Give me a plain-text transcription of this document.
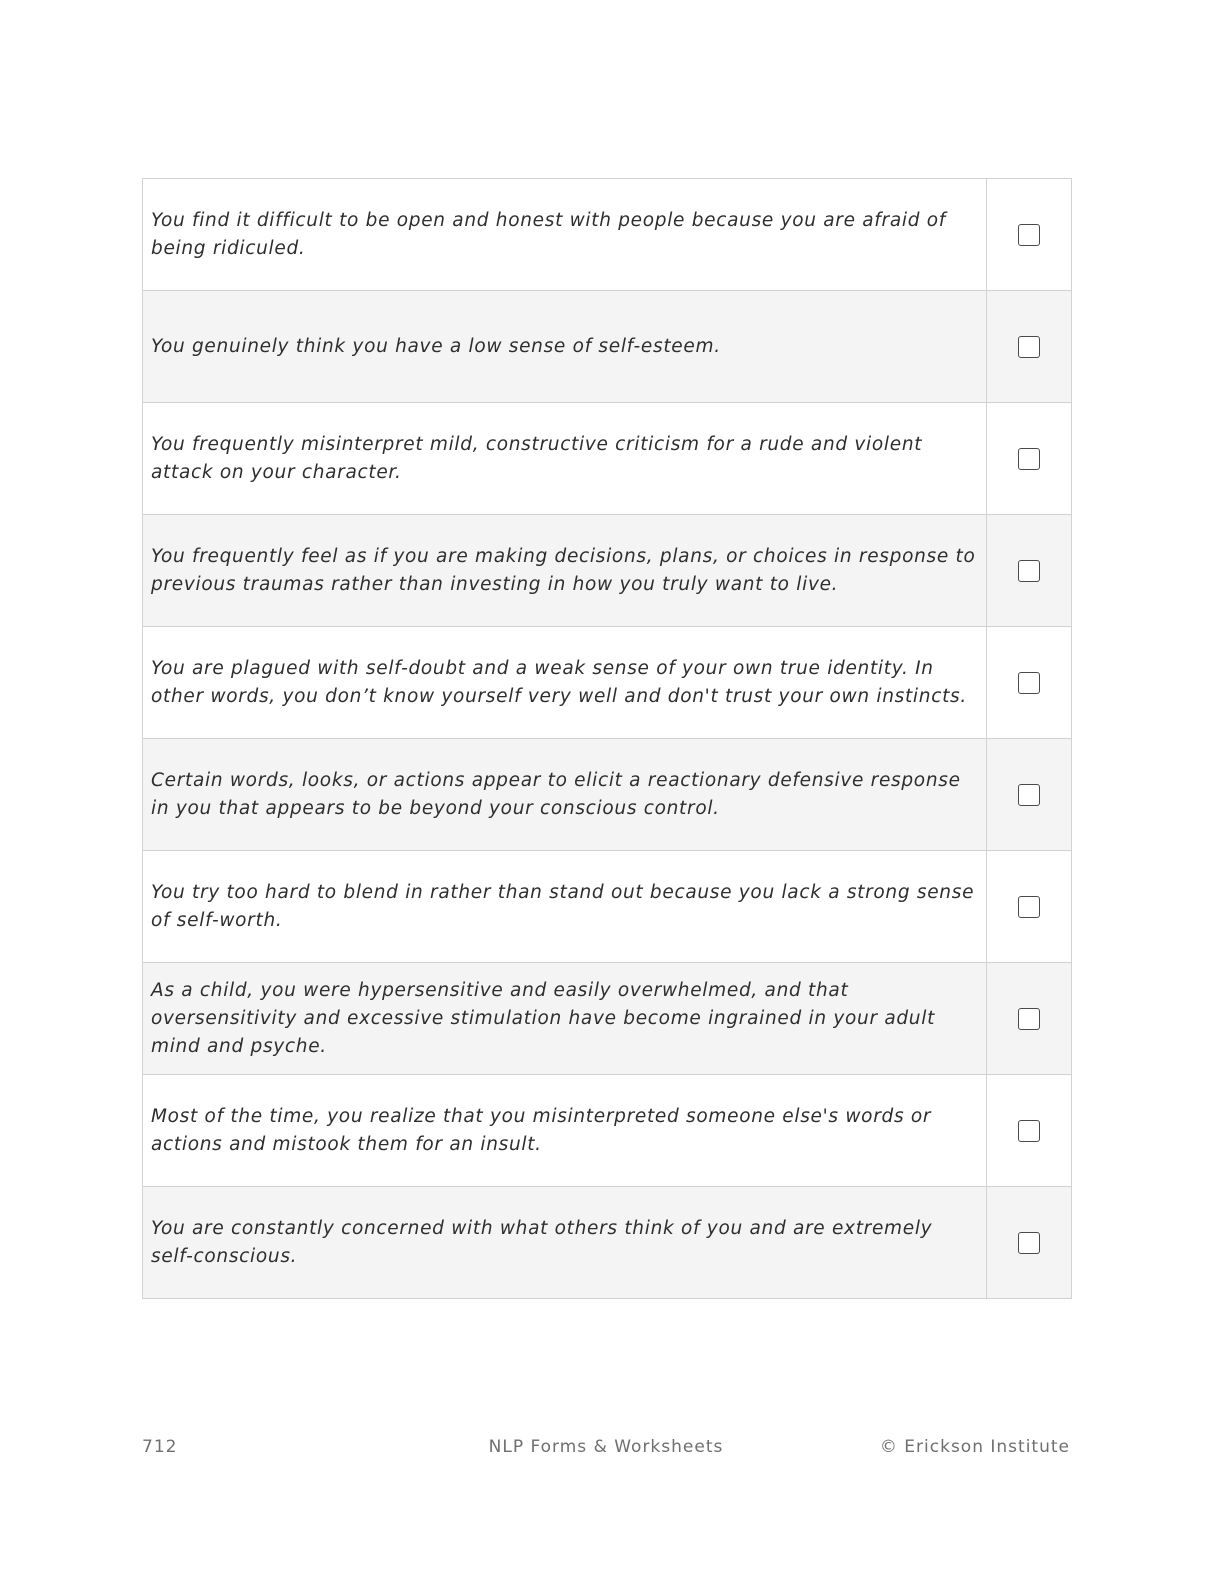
You find it difficult to be open and honest with people because you are afraid of being ridiculed.	
You genuinely think you have a low sense of self-esteem.	
You frequently misinterpret mild, constructive criticism for a rude and violent attack on your character.	
You frequently feel as if you are making decisions, plans, or choices in response to previous traumas rather than investing in how you truly want to live.	
You are plagued with self-doubt and a weak sense of your own true identity. In other words, you don’t know yourself very well and don't trust your own instincts.	
Certain words, looks, or actions appear to elicit a reactionary defensive response in you that appears to be beyond your conscious control.	
You try too hard to blend in rather than stand out because you lack a strong sense of self-worth.	
As a child, you were hypersensitive and easily overwhelmed, and that oversensitivity and excessive stimulation have become ingrained in your adult mind and psyche.	
Most of the time, you realize that you misinterpreted someone else's words or actions and mistook them for an insult.	
You are constantly concerned with what others think of you and are extremely self-conscious.	
712	NLP Forms & Worksheets	© Erickson Institute
